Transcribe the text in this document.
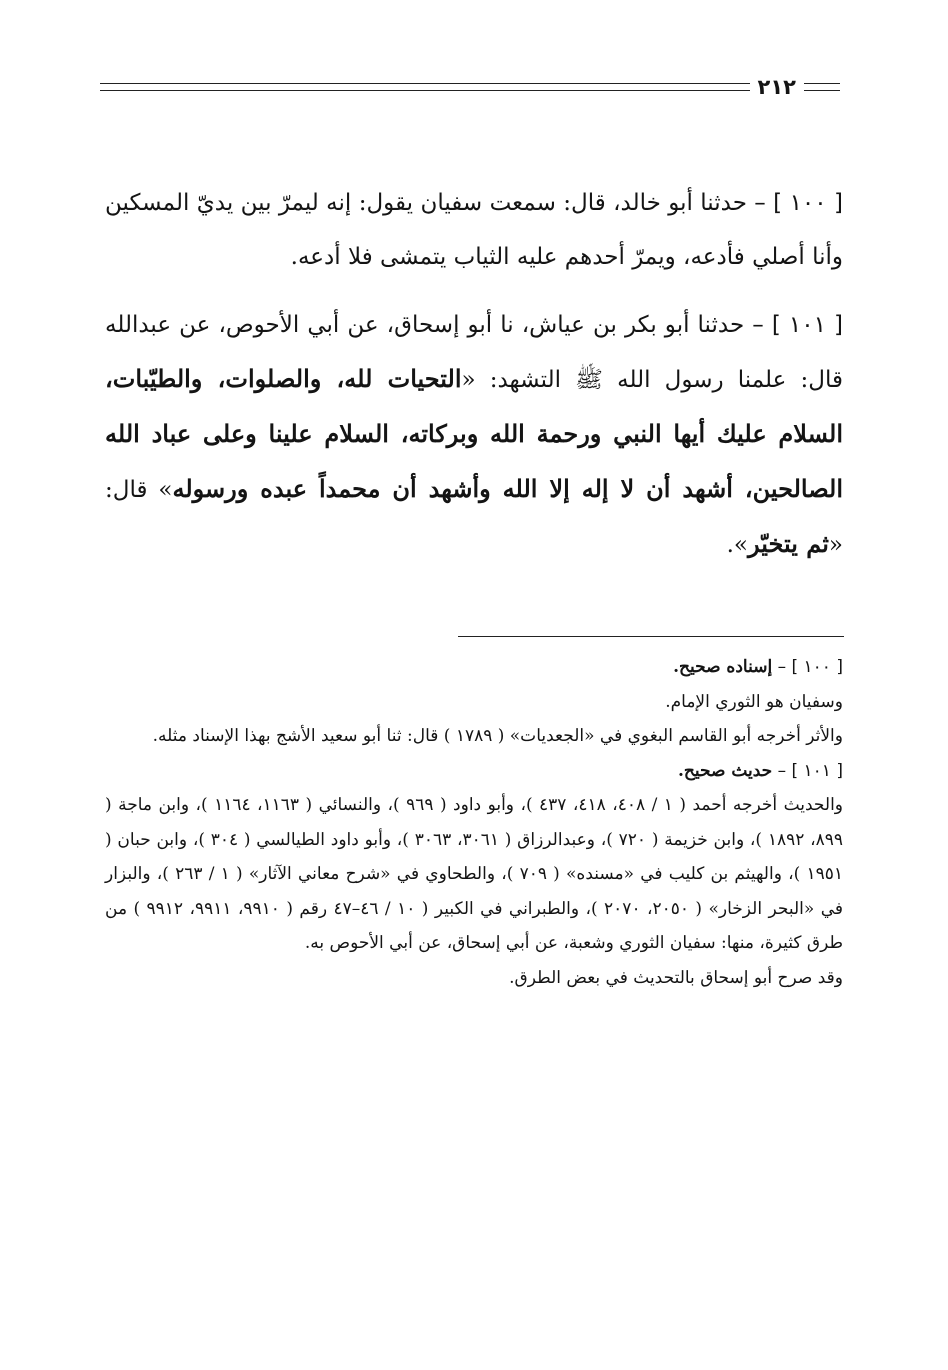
٢١٢

[ ١٠٠ ] – حدثنا أبو خالد، قال: سمعت سفيان يقول: إنه ليمرّ بين يديّ المسكين وأنا أصلي فأدعه، ويمرّ أحدهم عليه الثياب يتمشى فلا أدعه.

[ ١٠١ ] – حدثنا أبو بكر بن عياش، نا أبو إسحاق، عن أبي الأحوص، عن عبدالله قال: علمنا رسول الله ﷺ التشهد: «التحيات لله، والصلوات، والطيّبات، السلام عليك أيها النبي ورحمة الله وبركاته، السلام علينا وعلى عباد الله الصالحين، أشهد أن لا إله إلا الله وأشهد أن محمداً عبده ورسوله» قال: «ثم يتخيّر».

[ ١٠٠ ] – إسناده صحيح.

وسفيان هو الثوري الإمام.

والأثر أخرجه أبو القاسم البغوي في «الجعديات» ( ١٧٨٩ ) قال: ثنا أبو سعيد الأشج بهذا الإسناد مثله.

[ ١٠١ ] – حديث صحيح.

والحديث أخرجه أحمد ( ١ / ٤٠٨، ٤١٨، ٤٣٧ )، وأبو داود ( ٩٦٩ )، والنسائي ( ١١٦٣، ١١٦٤ )، وابن ماجة ( ٨٩٩، ١٨٩٢ )، وابن خزيمة ( ٧٢٠ )، وعبدالرزاق ( ٣٠٦١، ٣٠٦٣ )، وأبو داود الطيالسي ( ٣٠٤ )، وابن حبان ( ١٩٥١ )، والهيثم بن كليب في «مسنده» ( ٧٠٩ )، والطحاوي في «شرح معاني الآثار» ( ١ / ٢٦٣ )، والبزار في «البحر الزخار» ( ٢٠٥٠، ٢٠٧٠ )، والطبراني في الكبير ( ١٠ / ٤٦–٤٧ رقم ( ٩٩١٠، ٩٩١١، ٩٩١٢ ) من طرق كثيرة، منها: سفيان الثوري وشعبة، عن أبي إسحاق، عن أبي الأحوص به.

وقد صرح أبو إسحاق بالتحديث في بعض الطرق.
